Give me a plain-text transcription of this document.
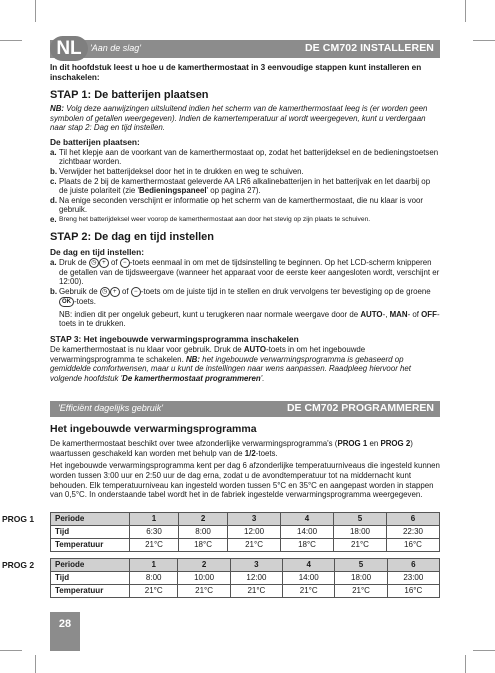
NL 'Aan de slag'	DE CM702 INSTALLEREN

In dit hoofdstuk leest u hoe u de kamerthermostaat in 3 eenvoudige stappen kunt installeren en inschakelen:

STAP 1: De batterijen plaatsen

NB: Volg deze aanwijzingen uitsluitend indien het scherm van de kamerthermostaat leeg is (er worden geen symbolen of getallen weergegeven). Indien de kamertemperatuur al wordt weergegeven, kunt u verdergaan naar stap 2: Dag en tijd instellen.

De batterijen plaatsen:
a. Til het klepje aan de voorkant van de kamerthermostaat op, zodat het batterijdeksel en de bedieningstoetsen zichtbaar worden.
b. Verwijder het batterijdeksel door het in te drukken en weg te schuiven.
c. Plaats de 2 bij de kamerthermostaat geleverde AA LR6 alkalinebatterijen in het batterijvak en let daarbij op de juiste polariteit (zie 'Bedieningspaneel' op pagina 27).
d. Na enige seconden verschijnt er informatie op het scherm van de kamerthermostaat, die nu klaar is voor gebruik.
e. Breng het batterijdeksel weer voorop de kamerthermostaat aan door het stevig op zijn plaats te schuiven.
STAP 2: De dag en tijd instellen
De dag en tijd instellen:
a. Druk de ◷ + of − -toets eenmaal in om met de tijdsinstelling te beginnen. Op het LCD-scherm knipperen de getallen van de tijdsweergave (wanneer het apparaat voor de eerste keer aangesloten wordt, verschijnt er 12:00).
b. Gebruik de ◷ + of − -toets om de juiste tijd in te stellen en druk vervolgens ter bevestiging op de groene OK -toets.

NB: indien dit per ongeluk gebeurt, kunt u terugkeren naar normale weergave door de AUTO-, MAN- of OFF-toets in te drukken.

STAP 3: Het ingebouwde verwarmingsprogramma inschakelen

De kamerthermostaat is nu klaar voor gebruik. Druk de AUTO-toets in om het ingebouwde verwarmingsprogramma te schakelen. NB: het ingebouwde verwarmingsprogramma is gebaseerd op gemiddelde comfortwensen, maar u kunt de instellingen naar wens aanpassen. Raadpleeg hiervoor het volgende hoofdstuk 'De kamerthermostaat programmeren'.

'Efficiënt dagelijks gebruik'	DE CM702 PROGRAMMEREN
Het ingebouwde verwarmingsprogramma

De kamerthermostaat beschikt over twee afzonderlijke verwarmingsprogramma's (PROG 1 en PROG 2) waartussen geschakeld kan worden met behulp van de 1/2-toets.

Het ingebouwde verwarmingsprogramma kent per dag 6 afzonderlijke temperatuurniveaus die ingesteld kunnen worden tussen 3:00 uur en 2:50 uur de dag erna, zodat u de avondtemperatuur tot na middernacht kunt behouden. Elk temperatuurniveau kan ingesteld worden tussen 5°C en 35°C en aangepast worden in stappen van 0,5°C. In onderstaande tabel wordt het in de fabriek ingestelde verwarmingsprogramma weergegeven.

PROG 1	Periode	1	2	3	4	5	6
Tijd	6:30	8:00	12:00	14:00	18:00	22:30
Temperatuur	21°C	18°C	21°C	18°C	21°C	16°C
PROG 2	Periode	1	2	3	4	5	6
Tijd	8:00	10:00	12:00	14:00	18:00	23:00
Temperatuur	21°C	21°C	21°C	21°C	21°C	16°C
28
